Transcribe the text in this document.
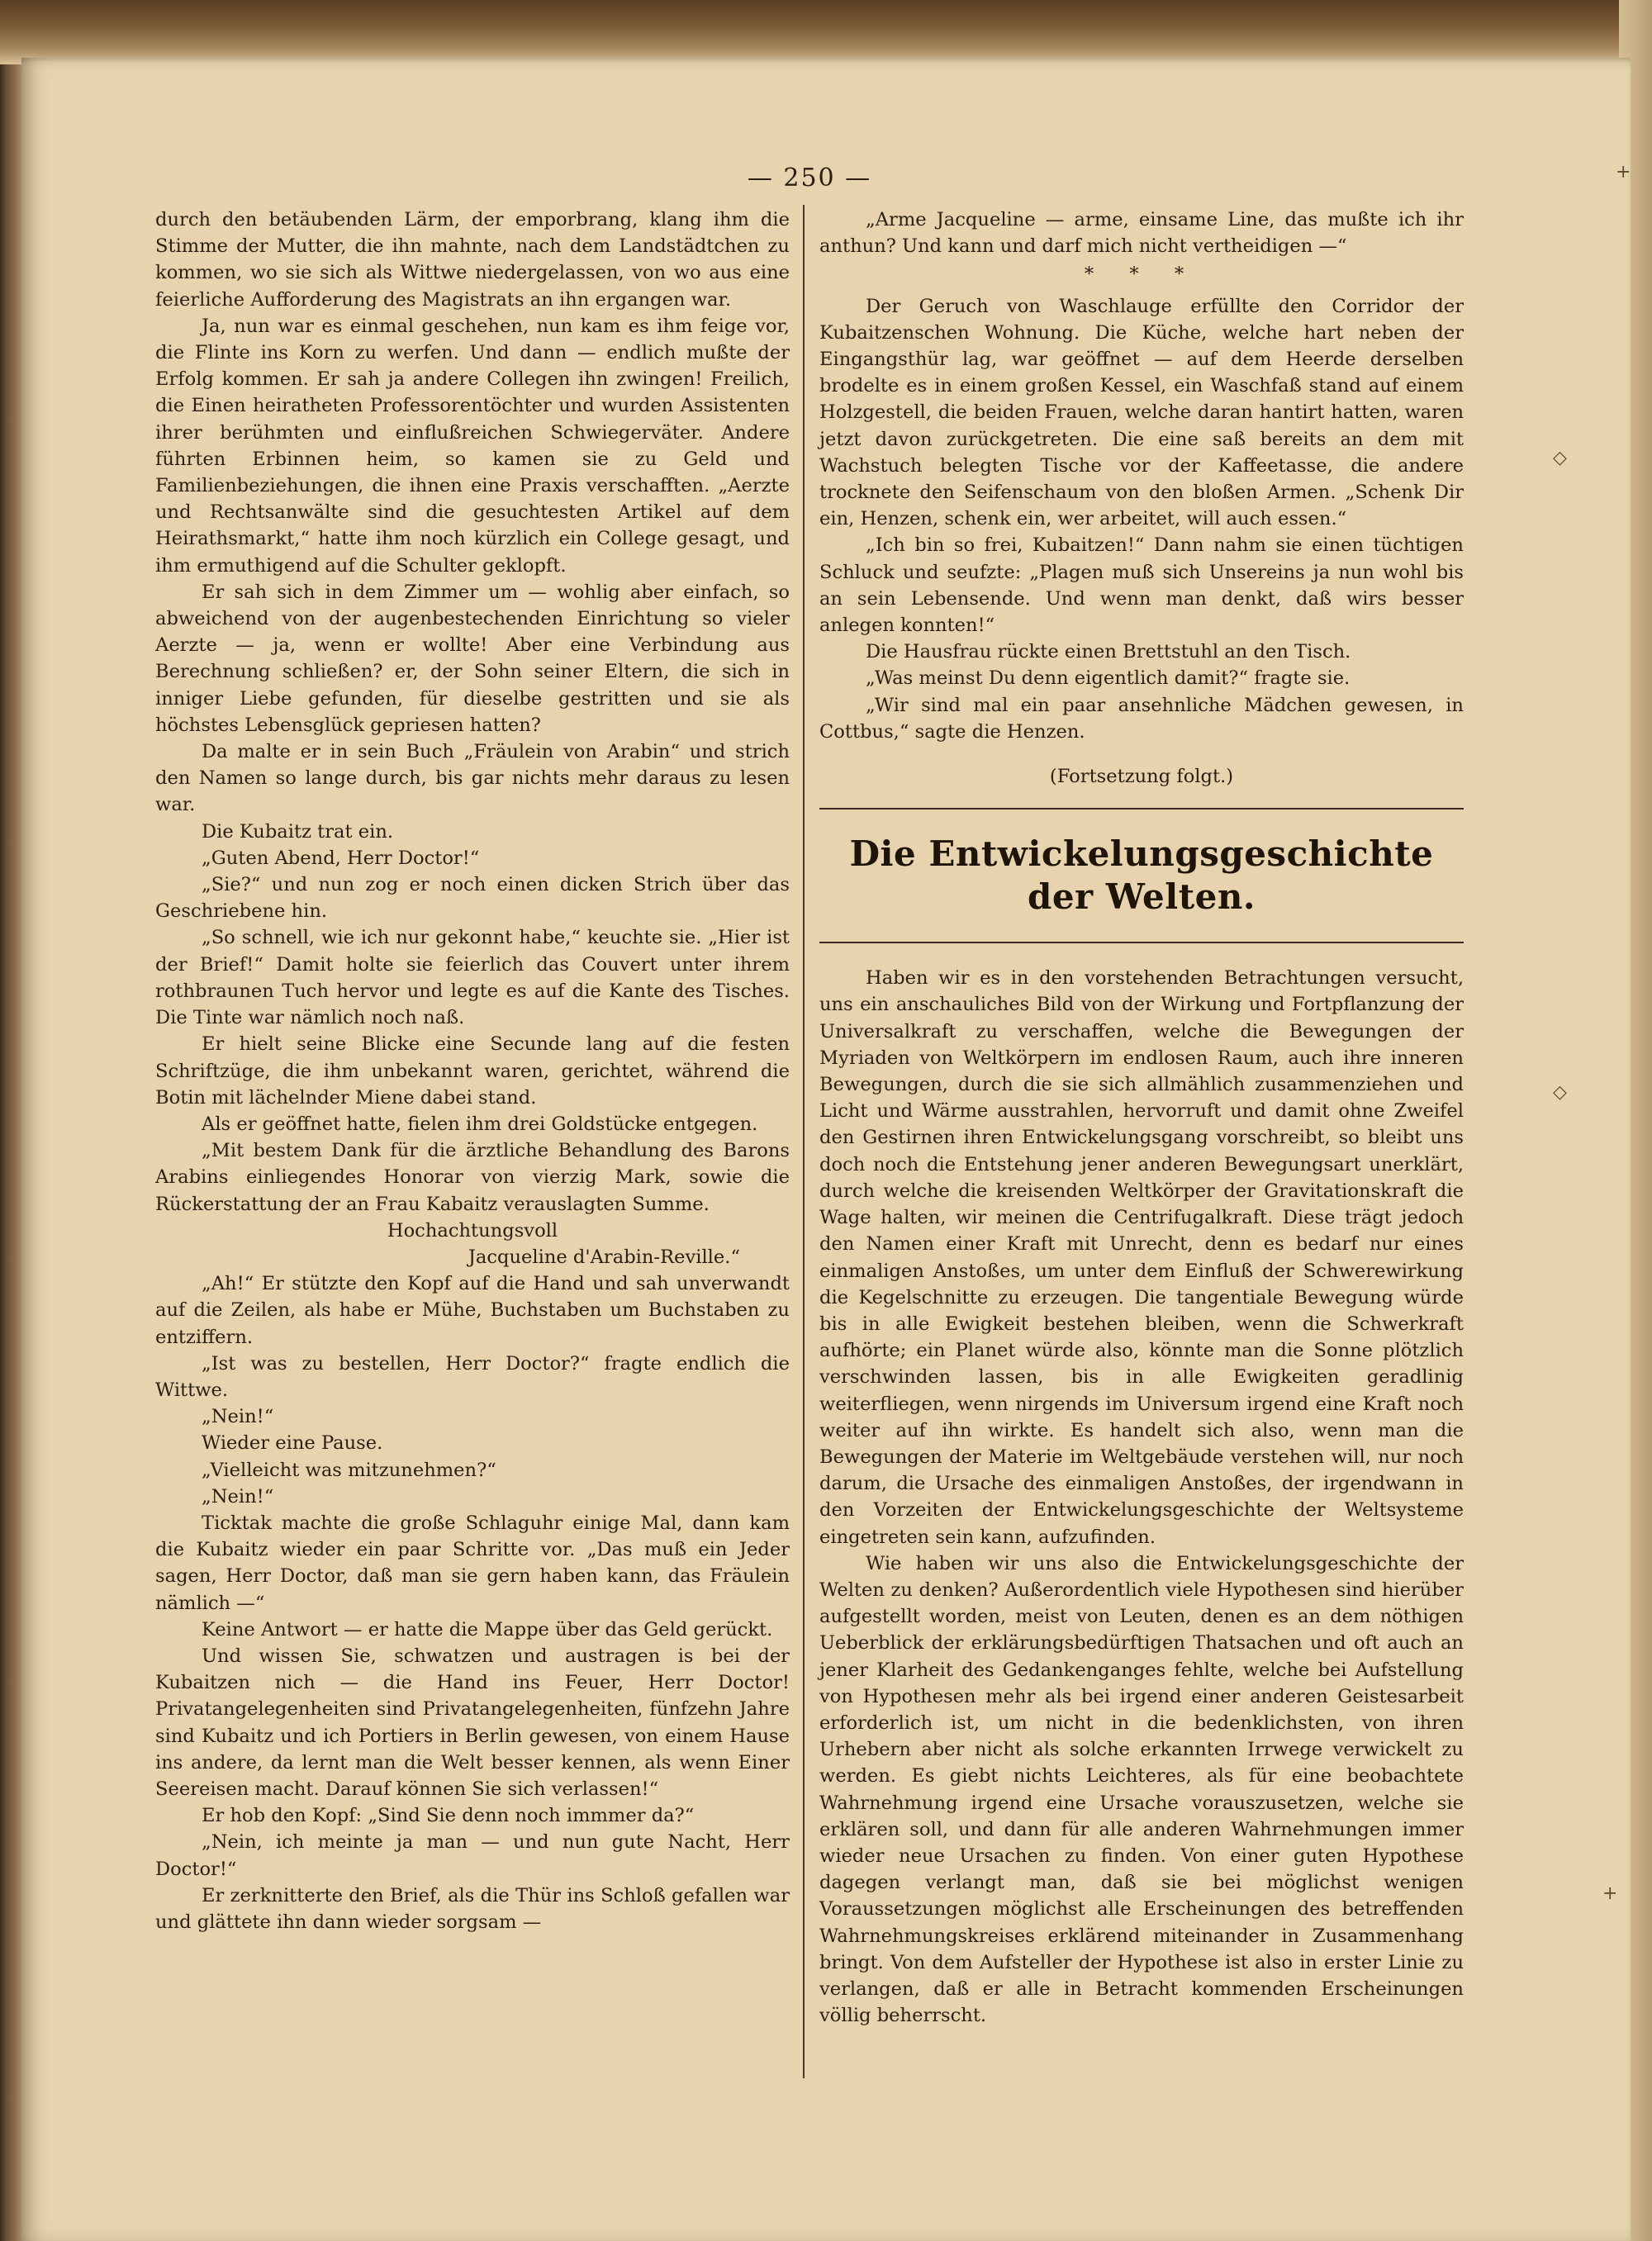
— 250 —

durch den betäubenden Lärm, der emporbrang, klang ihm die Stimme der Mutter, die ihn mahnte, nach dem Landstädtchen zu kommen, wo sie sich als Wittwe niedergelassen, von wo aus eine feierliche Aufforderung des Magistrats an ihn ergangen war.

Ja, nun war es einmal geschehen, nun kam es ihm feige vor, die Flinte ins Korn zu werfen. Und dann — endlich mußte der Erfolg kommen. Er sah ja andere Collegen ihn zwingen! Freilich, die Einen heiratheten Professorentöchter und wurden Assistenten ihrer berühmten und einflußreichen Schwiegerväter. Andere führten Erbinnen heim, so kamen sie zu Geld und Familienbeziehungen, die ihnen eine Praxis verschafften. „Aerzte und Rechtsanwälte sind die gesuchtesten Artikel auf dem Heirathsmarkt,“ hatte ihm noch kürzlich ein College gesagt, und ihm ermuthigend auf die Schulter geklopft.

Er sah sich in dem Zimmer um — wohlig aber einfach, so abweichend von der augenbestechenden Einrichtung so vieler Aerzte — ja, wenn er wollte! Aber eine Verbindung aus Berechnung schließen? er, der Sohn seiner Eltern, die sich in inniger Liebe gefunden, für dieselbe gestritten und sie als höchstes Lebensglück gepriesen hatten?

Da malte er in sein Buch „Fräulein von Arabin“ und strich den Namen so lange durch, bis gar nichts mehr daraus zu lesen war.

Die Kubaitz trat ein.

„Guten Abend, Herr Doctor!“

„Sie?“ und nun zog er noch einen dicken Strich über das Geschriebene hin.

„So schnell, wie ich nur gekonnt habe,“ keuchte sie. „Hier ist der Brief!“ Damit holte sie feierlich das Couvert unter ihrem rothbraunen Tuch hervor und legte es auf die Kante des Tisches. Die Tinte war nämlich noch naß.

Er hielt seine Blicke eine Secunde lang auf die festen Schriftzüge, die ihm unbekannt waren, gerichtet, während die Botin mit lächelnder Miene dabei stand.

Als er geöffnet hatte, fielen ihm drei Goldstücke entgegen.

„Mit bestem Dank für die ärztliche Behandlung des Barons Arabins einliegendes Honorar von vierzig Mark, sowie die Rückerstattung der an Frau Kabaitz verauslagten Summe.

Hochachtungsvoll

Jacqueline d'Arabin-Reville.“

„Ah!“ Er stützte den Kopf auf die Hand und sah unverwandt auf die Zeilen, als habe er Mühe, Buchstaben um Buchstaben zu entziffern.

„Ist was zu bestellen, Herr Doctor?“ fragte endlich die Wittwe.

„Nein!“

Wieder eine Pause.

„Vielleicht was mitzunehmen?“

„Nein!“

Ticktak machte die große Schlaguhr einige Mal, dann kam die Kubaitz wieder ein paar Schritte vor. „Das muß ein Jeder sagen, Herr Doctor, daß man sie gern haben kann, das Fräulein nämlich —“

Keine Antwort — er hatte die Mappe über das Geld gerückt.

Und wissen Sie, schwatzen und austragen is bei der Kubaitzen nich — die Hand ins Feuer, Herr Doctor! Privatangelegenheiten sind Privatangelegenheiten, fünfzehn Jahre sind Kubaitz und ich Portiers in Berlin gewesen, von einem Hause ins andere, da lernt man die Welt besser kennen, als wenn Einer Seereisen macht. Darauf können Sie sich verlassen!“

Er hob den Kopf: „Sind Sie denn noch immmer da?“

„Nein, ich meinte ja man — und nun gute Nacht, Herr Doctor!“

Er zerknitterte den Brief, als die Thür ins Schloß gefallen war und glättete ihn dann wieder sorgsam —

„Arme Jacqueline — arme, einsame Line, das mußte ich ihr anthun? Und kann und darf mich nicht vertheidigen —“

* * *

Der Geruch von Waschlauge erfüllte den Corridor der Kubaitzenschen Wohnung. Die Küche, welche hart neben der Eingangsthür lag, war geöffnet — auf dem Heerde derselben brodelte es in einem großen Kessel, ein Waschfaß stand auf einem Holzgestell, die beiden Frauen, welche daran hantirt hatten, waren jetzt davon zurückgetreten. Die eine saß bereits an dem mit Wachstuch belegten Tische vor der Kaffeetasse, die andere trocknete den Seifenschaum von den bloßen Armen. „Schenk Dir ein, Henzen, schenk ein, wer arbeitet, will auch essen.“

„Ich bin so frei, Kubaitzen!“ Dann nahm sie einen tüchtigen Schluck und seufzte: „Plagen muß sich Unsereins ja nun wohl bis an sein Lebensende. Und wenn man denkt, daß wirs besser anlegen konnten!“

Die Hausfrau rückte einen Brettstuhl an den Tisch.

„Was meinst Du denn eigentlich damit?“ fragte sie.

„Wir sind mal ein paar ansehnliche Mädchen gewesen, in Cottbus,“ sagte die Henzen.

(Fortsetzung folgt.)

Die Entwickelungsgeschichte der Welten.

Haben wir es in den vorstehenden Betrachtungen versucht, uns ein anschauliches Bild von der Wirkung und Fortpflanzung der Universalkraft zu verschaffen, welche die Bewegungen der Myriaden von Weltkörpern im endlosen Raum, auch ihre inneren Bewegungen, durch die sie sich allmählich zusammenziehen und Licht und Wärme ausstrahlen, hervorruft und damit ohne Zweifel den Gestirnen ihren Entwickelungsgang vorschreibt, so bleibt uns doch noch die Entstehung jener anderen Bewegungsart unerklärt, durch welche die kreisenden Weltkörper der Gravitationskraft die Wage halten, wir meinen die Centrifugalkraft. Diese trägt jedoch den Namen einer Kraft mit Unrecht, denn es bedarf nur eines einmaligen Anstoßes, um unter dem Einfluß der Schwerewirkung die Kegelschnitte zu erzeugen. Die tangentiale Bewegung würde bis in alle Ewigkeit bestehen bleiben, wenn die Schwerkraft aufhörte; ein Planet würde also, könnte man die Sonne plötzlich verschwinden lassen, bis in alle Ewigkeiten geradlinig weiterfliegen, wenn nirgends im Universum irgend eine Kraft noch weiter auf ihn wirkte. Es handelt sich also, wenn man die Bewegungen der Materie im Weltgebäude verstehen will, nur noch darum, die Ursache des einmaligen Anstoßes, der irgendwann in den Vorzeiten der Entwickelungsgeschichte der Weltsysteme eingetreten sein kann, aufzufinden.

Wie haben wir uns also die Entwickelungsgeschichte der Welten zu denken? Außerordentlich viele Hypothesen sind hierüber aufgestellt worden, meist von Leuten, denen es an dem nöthigen Ueberblick der erklärungsbedürftigen Thatsachen und oft auch an jener Klarheit des Gedankenganges fehlte, welche bei Aufstellung von Hypothesen mehr als bei irgend einer anderen Geistesarbeit erforderlich ist, um nicht in die bedenklichsten, von ihren Urhebern aber nicht als solche erkannten Irrwege verwickelt zu werden. Es giebt nichts Leichteres, als für eine beobachtete Wahrnehmung irgend eine Ursache vorauszusetzen, welche sie erklären soll, und dann für alle anderen Wahrnehmungen immer wieder neue Ursachen zu finden. Von einer guten Hypothese dagegen verlangt man, daß sie bei möglichst wenigen Voraussetzungen möglichst alle Erscheinungen des betreffenden Wahrnehmungskreises erklärend miteinander in Zusammenhang bringt. Von dem Aufsteller der Hypothese ist also in erster Linie zu verlangen, daß er alle in Betracht kommenden Erscheinungen völlig beherrscht.

+
◇
◇
+
